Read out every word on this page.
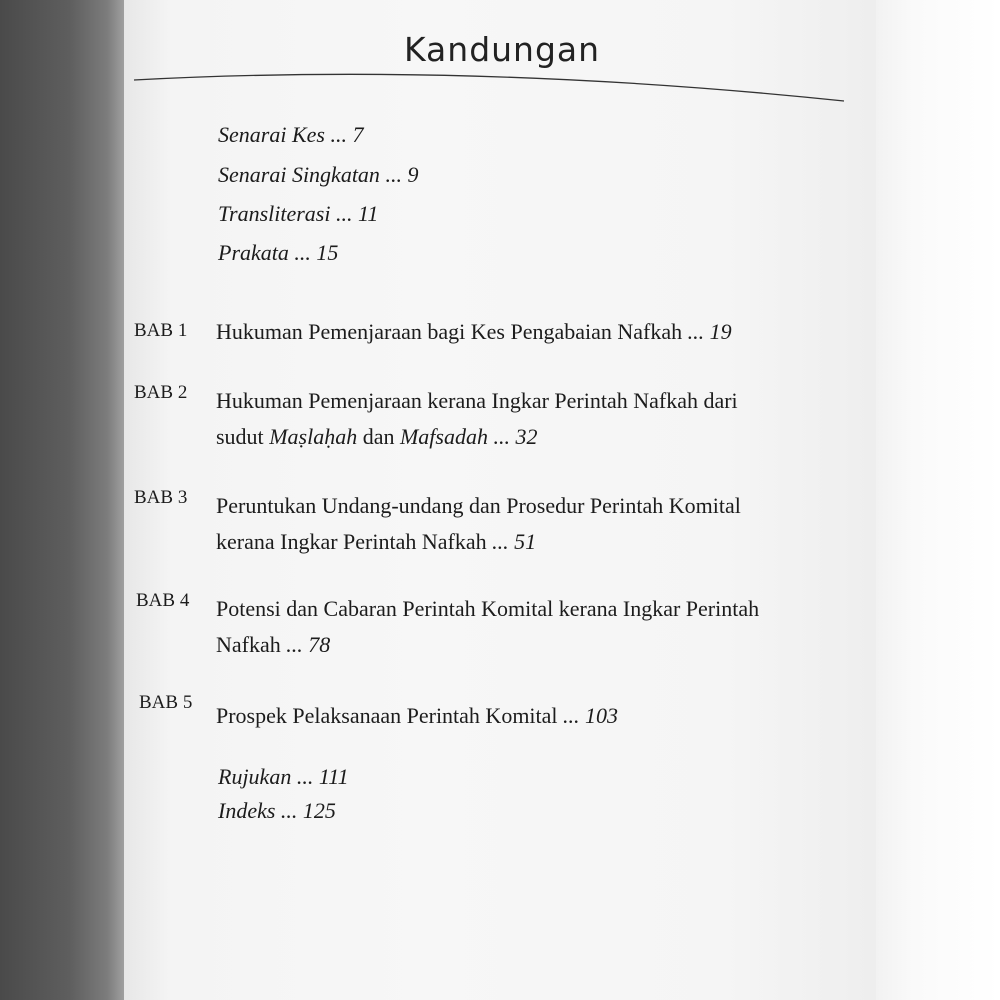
Kandungan
Senarai Kes ... 7
Senarai Singkatan ... 9
Transliterasi ... 11
Prakata ... 15
BAB 1 Hukuman Pemenjaraan bagi Kes Pengabaian Nafkah ... 19
BAB 2 Hukuman Pemenjaraan kerana Ingkar Perintah Nafkah dari
sudut Maṣlaḥah dan Mafsadah ... 32
BAB 3 Peruntukan Undang-undang dan Prosedur Perintah Komital
kerana Ingkar Perintah Nafkah ... 51
BAB 4 Potensi dan Cabaran Perintah Komital kerana Ingkar Perintah
Nafkah ... 78
BAB 5
Prospek Pelaksanaan Perintah Komital ... 103
Rujukan ... 111
Indeks ... 125
